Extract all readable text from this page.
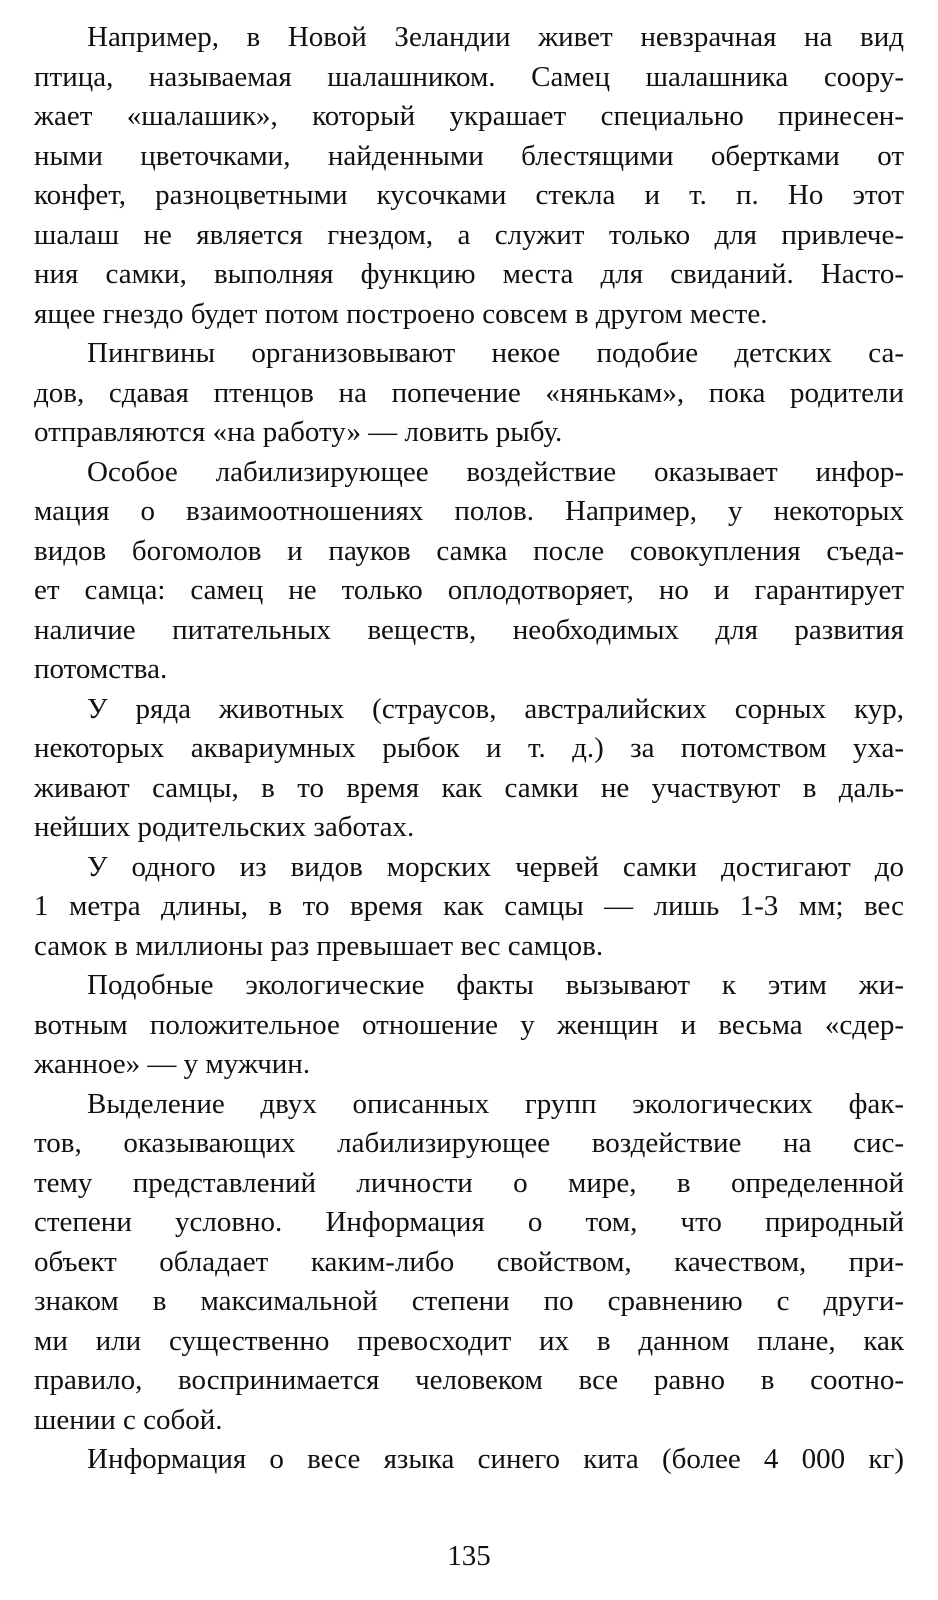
Например, в Новой Зеландии живет невзрачная на вид
птица, называемая шалашником. Самец шалашника соору-
жает «шалашик», который украшает специально принесен-
ными цветочками, найденными блестящими обертками от
конфет, разноцветными кусочками стекла и т. п. Но этот
шалаш не является гнездом, а служит только для привлече-
ния самки, выполняя функцию места для свиданий. Насто-
ящее гнездо будет потом построено совсем в другом месте.
Пингвины организовывают некое подобие детских са-
дов, сдавая птенцов на попечение «нянькам», пока родители
отправляются «на работу» — ловить рыбу.
Особое лабилизирующее воздействие оказывает инфор-
мация о взаимоотношениях полов. Например, у некоторых
видов богомолов и пауков самка после совокупления съеда-
ет самца: самец не только оплодотворяет, но и гарантирует
наличие питательных веществ, необходимых для развития
потомства.
У ряда животных (страусов, австралийских сорных кур,
некоторых аквариумных рыбок и т. д.) за потомством уха-
живают самцы, в то время как самки не участвуют в даль-
нейших родительских заботах.
У одного из видов морских червей самки достигают до
1 метра длины, в то время как самцы — лишь 1-3 мм; вес
самок в миллионы раз превышает вес самцов.
Подобные экологические факты вызывают к этим жи-
вотным положительное отношение у женщин и весьма «сдер-
жанное» — у мужчин.
Выделение двух описанных групп экологических фак-
тов, оказывающих лабилизирующее воздействие на сис-
тему представлений личности о мире, в определенной
степени условно. Информация о том, что природный
объект обладает каким-либо свойством, качеством, при-
знаком в максимальной степени по сравнению с други-
ми или существенно превосходит их в данном плане, как
правило, воспринимается человеком все равно в соотно-
шении с собой.
Информация о весе языка синего кита (более 4 000 кг)
135
